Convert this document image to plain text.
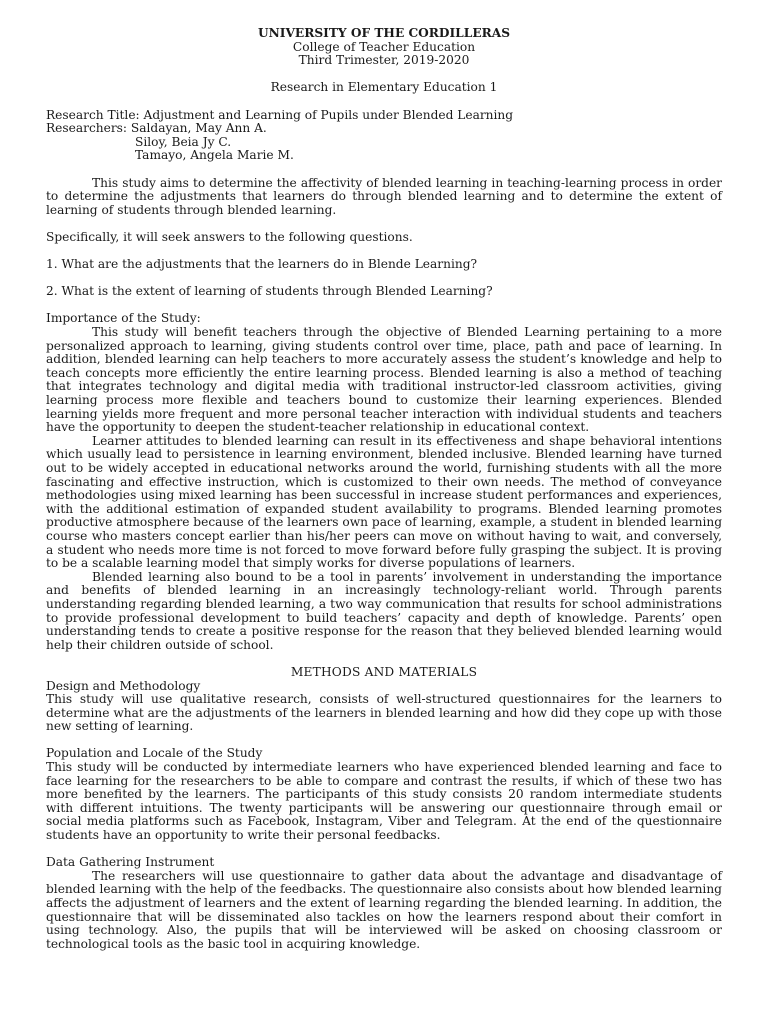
UNIVERSITY OF THE CORDILLERAS
College of Teacher Education
Third Trimester, 2019-2020
Research in Elementary Education 1
Research Title:
Adjustment and Learning of Pupils under Blended Learning
Researchers:
Saldayan, May Ann A.
Siloy, Beia Jy C.
Tamayo, Angela Marie M.

This study aims to determine the affectivity of blended learning in teaching-learning process in order to determine the adjustments that learners do through blended learning and to determine the extent of learning of students through blended learning.

Specifically, it will seek answers to the following questions.

1. What are the adjustments that the learners do in Blende Learning?

2. What is the extent of learning of students through Blended Learning?

Importance of the Study:

This study will benefit teachers through the objective of Blended Learning pertaining to a more personalized approach to learning, giving students control over time, place, path and pace of learning. In addition, blended learning can help teachers to more accurately assess the student’s knowledge and help to teach concepts more efficiently the entire learning process. Blended learning is also a method of teaching that integrates technology and digital media with traditional instructor-led classroom activities, giving learning process more flexible and teachers bound to customize their learning experiences. Blended learning yields more frequent and more personal teacher interaction with individual students and teachers have the opportunity to deepen the student-teacher relationship in educational context.

Learner attitudes to blended learning can result in its effectiveness and shape behavioral intentions which usually lead to persistence in learning environment, blended inclusive. Blended learning have turned out to be widely accepted in educational networks around the world, furnishing students with all the more fascinating and effective instruction, which is customized to their own needs. The method of conveyance methodologies using mixed learning has been successful in increase student performances and experiences, with the additional estimation of expanded student availability to programs. Blended learning promotes productive atmosphere because of the learners own pace of learning, example, a student in blended learning course who masters concept earlier than his/her peers can move on without having to wait, and conversely, a student who needs more time is not forced to move forward before fully grasping the subject. It is proving to be a scalable learning model that simply works for diverse populations of learners.

Blended learning also bound to be a tool in parents’ involvement in understanding the importance and benefits of blended learning in an increasingly technology-reliant world. Through parents understanding regarding blended learning, a two way communication that results for school administrations to provide professional development to build teachers’ capacity and depth of knowledge. Parents’ open understanding tends to create a positive response for the reason that they believed blended learning would help their children outside of school.

METHODS AND MATERIALS
Design and Methodology

This study will use qualitative research, consists of well-structured questionnaires for the learners to determine what are the adjustments of the learners in blended learning and how did they cope up with those new setting of learning.

Population and Locale of the Study

This study will be conducted by intermediate learners who have experienced blended learning and face to face learning for the researchers to be able to compare and contrast the results, if which of these two has more benefited by the learners. The participants of this study consists 20 random intermediate students with different intuitions. The twenty participants will be answering our questionnaire through email or social media platforms such as Facebook, Instagram, Viber and Telegram. At the end of the questionnaire students have an opportunity to write their personal feedbacks.

Data Gathering Instrument

The researchers will use questionnaire to gather data about the advantage and disadvantage of blended learning with the help of the feedbacks. The questionnaire also consists about how blended learning affects the adjustment of learners and the extent of learning regarding the blended learning. In addition, the questionnaire that will be disseminated also tackles on how the learners respond about their comfort in using technology. Also, the pupils that will be interviewed will be asked on choosing classroom or technological tools as the basic tool in acquiring knowledge.
